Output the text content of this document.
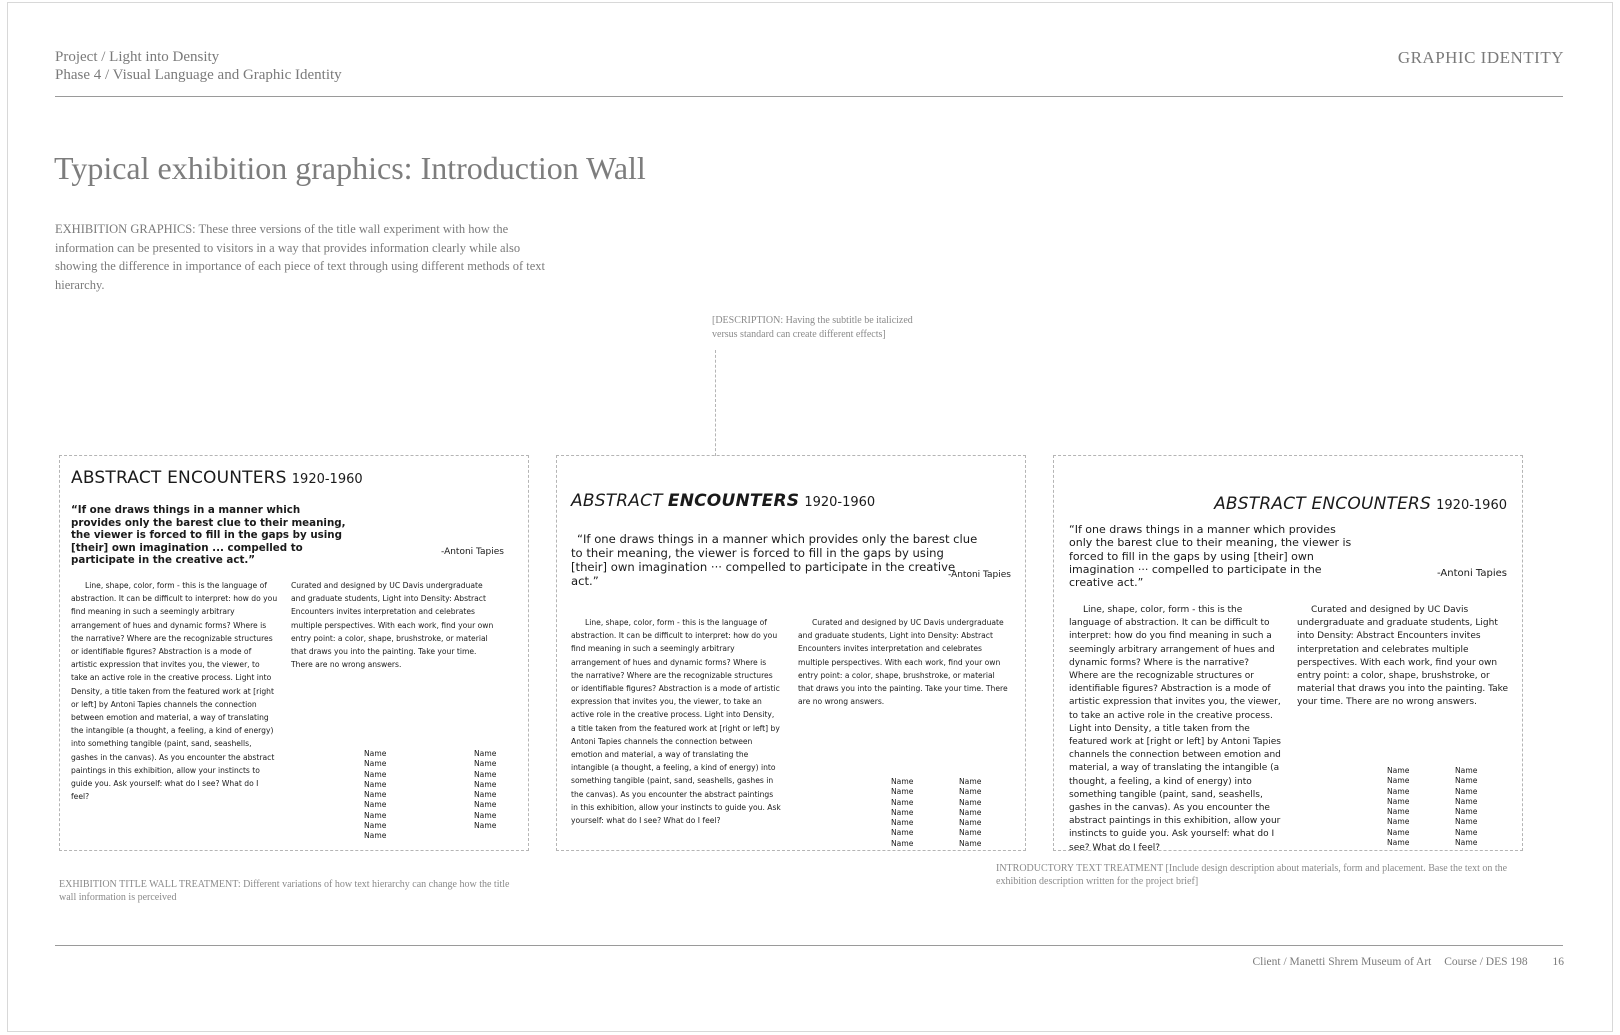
Project / Light into Density
Phase 4 / Visual Language and Graphic Identity
GRAPHIC IDENTITY
Typical exhibition graphics: Introduction Wall
EXHIBITION GRAPHICS: These three versions of the title wall experiment with how the information can be presented to visitors in a way that provides information clearly while also showing the difference in importance of each piece of text through using different methods of text hierarchy.
[DESCRIPTION: Having the subtitle be italicized versus standard can create different effects]
ABSTRACT ENCOUNTERS 1920-1960
“If one draws things in a manner which provides only the barest clue to their meaning, the viewer is forced to fill in the gaps by using [their] own imagination ... compelled to participate in the creative act.”
-Antoni Tapies
Line, shape, color, form - this is the language of abstraction. It can be difficult to interpret: how do you find meaning in such a seemingly arbitrary arrangement of hues and dynamic forms? Where is the narrative? Where are the recognizable structures or identifiable figures? Abstraction is a mode of artistic expression that invites you, the viewer, to take an active role in the creative process. Light into Density, a title taken from the featured work at [right or left] by Antoni Tapies channels the connection between emotion and material, a way of translating the intangible (a thought, a feeling, a kind of energy) into something tangible (paint, sand, seashells, gashes in the canvas). As you encounter the abstract paintings in this exhibition, allow your instincts to guide you. Ask yourself: what do I see? What do I feel?
Curated and designed by UC Davis undergraduate and graduate students, Light into Density: Abstract Encounters invites interpretation and celebrates multiple perspectives. With each work, find your own entry point: a color, shape, brushstroke, or material that draws you into the painting. Take your time. There are no wrong answers.
Name
Name
Name
Name
Name
Name
Name
Name
Name
Name
Name
Name
Name
Name
Name
Name
Name
ABSTRACT ENCOUNTERS 1920-1960
“If one draws things in a manner which provides only the barest clue to their meaning, the viewer is forced to fill in the gaps by using [their] own imagination ··· compelled to participate in the creative act.”	-Antoni Tapies
Line, shape, color, form - this is the language of abstraction. It can be difficult to interpret: how do you find meaning in such a seemingly arbitrary arrangement of hues and dynamic forms? Where is the narrative? Where are the recognizable structures or identifiable figures? Abstraction is a mode of artistic expression that invites you, the viewer, to take an active role in the creative process. Light into Density, a title taken from the featured work at [right or left] by Antoni Tapies channels the connection between emotion and material, a way of translating the intangible (a thought, a feeling, a kind of energy) into something tangible (paint, sand, seashells, gashes in the canvas). As you encounter the abstract paintings in this exhibition, allow your instincts to guide you. Ask yourself: what do I see? What do I feel?
Curated and designed by UC Davis undergraduate and graduate students, Light into Density: Abstract Encounters invites interpretation and celebrates multiple perspectives. With each work, find your own entry point: a color, shape, brushstroke, or material that draws you into the painting. Take your time. There are no wrong answers.
Name
Name
Name
Name
Name
Name
Name
Name
Name
Name
Name
Name
Name
Name
ABSTRACT ENCOUNTERS 1920-1960
“If one draws things in a manner which provides only the barest clue to their meaning, the viewer is forced to fill in the gaps by using [their] own imagination ··· compelled to participate in the creative act.”
-Antoni Tapies
Line, shape, color, form - this is the language of abstraction. It can be difficult to interpret: how do you find meaning in such a seemingly arbitrary arrangement of hues and dynamic forms? Where is the narrative? Where are the recognizable structures or identifiable figures? Abstraction is a mode of artistic expression that invites you, the viewer, to take an active role in the creative process. Light into Density, a title taken from the featured work at [right or left] by Antoni Tapies channels the connection between emotion and material, a way of translating the intangible (a thought, a feeling, a kind of energy) into something tangible (paint, sand, seashells, gashes in the canvas). As you encounter the abstract paintings in this exhibition, allow your instincts to guide you. Ask yourself: what do I see? What do I feel?
Curated and designed by UC Davis undergraduate and graduate students, Light into Density: Abstract Encounters invites interpretation and celebrates multiple perspectives. With each work, find your own entry point: a color, shape, brushstroke, or material that draws you into the painting. Take your time. There are no wrong answers.
Name
Name
Name
Name
Name
Name
Name
Name
Name
Name
Name
Name
Name
Name
Name
Name
EXHIBITION TITLE WALL TREATMENT: Different variations of how text hierarchy can change how the title wall information is perceived
INTRODUCTORY TEXT TREATMENT [Include design description about materials, form and placement. Base the text on the exhibition description written for the project brief]
Client / Manetti Shrem Museum of Art Course / DES 198 16
